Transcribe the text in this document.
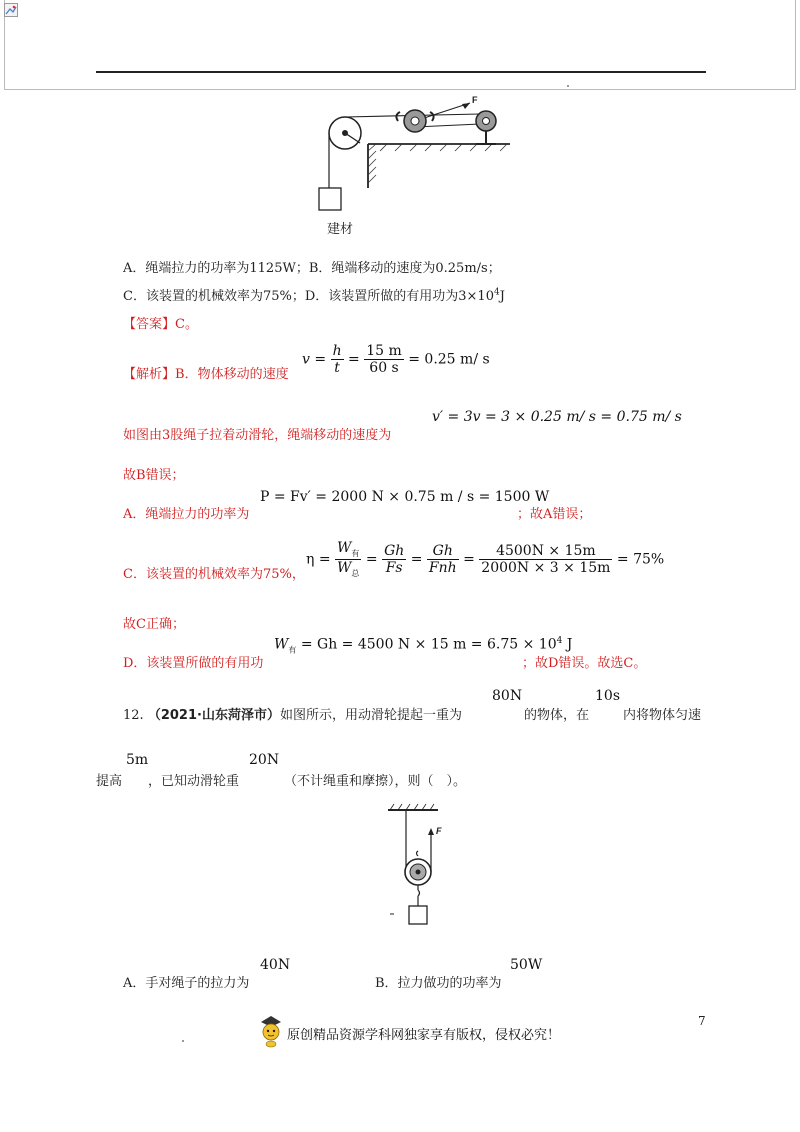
F
建材
A．绳端拉力的功率为1125W；B．绳端移动的速度为0.25m/s；
C．该装置的机械效率为75%；D．该装置所做的有用功为$3\times 10^4J$
【答案】C。
【解析】B．物体移动的速度
$v = \frac{h}{t} = \frac{15 m}{60 s} = 0.25$ m/ s
如图由3股绳子拉着动滑轮，绳端移动的速度为
v′ = 3v = 3 × 0.25 m/ s = 0.75 m/ s
故B错误；
A．绳端拉力的功率为
P = Fv′ = 2000 N × 0.75 m / s = 1500 W
；故A错误；
C．该装置的机械效率为75%，
$\eta = \frac{W_有}{W_总} = \frac{Gh}{Fs} = \frac{Gh}{\text{Fnh}} = \frac{4500N \times 15m}{2000N \times 3 \times 15m} = 75\%$
故C正确；
D．该装置所做的有用功
$W_有 = Gh = 4500$ N × 15 $m = 6.75 \times 10^4$ J
；故D错误。故选C。
12. （2021·山东菏泽市）如图所示，用动滑轮提起一重为
80N
的物体，在
10s
内将物体匀速
提高
5m
，已知动滑轮重
20N
（不计绳重和摩擦），则（　）。
F
A．手对绳子的拉力为
40N
B．拉力做功的功率为
50W
原创精品资源学科网独家享有版权，侵权必究！
7
